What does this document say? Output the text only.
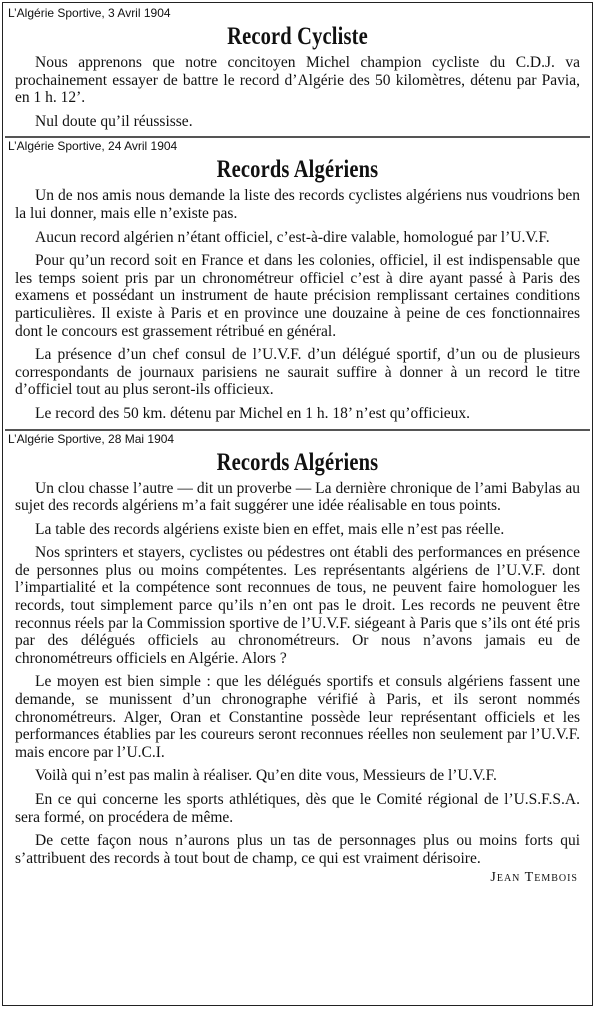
L’Algérie Sportive, 3 Avril 1904
Record Cycliste

Nous apprenons que notre concitoyen Michel champion cycliste du C.D.J. va prochainement essayer de battre le record d’Algérie des 50 kilomètres, détenu par Pavia, en 1 h. 12’.

Nul doute qu’il réussisse.

L’Algérie Sportive, 24 Avril 1904
Records Algériens

Un de nos amis nous demande la liste des records cyclistes algériens nus voudrions ben la lui donner, mais elle n’existe pas.

Aucun record algérien n’étant officiel, c’est-à-dire valable, homologué par l’U.V.F.

Pour qu’un record soit en France et dans les colonies, officiel, il est indispensable que les temps soient pris par un chronométreur officiel c’est à dire ayant passé à Paris des examens et possédant un instrument de haute précision remplissant certaines conditions particulières. Il existe à Paris et en province une douzaine à peine de ces fonctionnaires dont le concours est grassement rétribué en général.

La présence d’un chef consul de l’U.V.F. d’un délégué sportif, d’un ou de plusieurs correspondants de journaux parisiens ne saurait suffire à donner à un record le titre d’officiel tout au plus seront-ils officieux.

Le record des 50 km. détenu par Michel en 1 h. 18’ n’est qu’officieux.

L’Algérie Sportive, 28 Mai 1904
Records Algériens

Un clou chasse l’autre — dit un proverbe — La dernière chronique de l’ami Babylas au sujet des records algériens m’a fait suggérer une idée réalisable en tous points.

La table des records algériens existe bien en effet, mais elle n’est pas réelle.

Nos sprinters et stayers, cyclistes ou pédestres ont établi des performances en présence de personnes plus ou moins compétentes. Les représentants algériens de l’U.V.F. dont l’impartialité et la compétence sont reconnues de tous, ne peuvent faire homologuer les records, tout simplement parce qu’ils n’en ont pas le droit. Les records ne peuvent être reconnus réels par la Commission sportive de l’U.V.F. siégeant à Paris que s’ils ont été pris par des délégués officiels au chronométreurs. Or nous n’avons jamais eu de chronométreurs officiels en Algérie. Alors ?

Le moyen est bien simple : que les délégués sportifs et consuls algériens fassent une demande, se munissent d’un chronographe vérifié à Paris, et ils seront nommés chronométreurs. Alger, Oran et Constantine possède leur représentant officiels et les performances établies par les coureurs seront reconnues réelles non seulement par l’U.V.F. mais encore par l’U.C.I.

Voilà qui n’est pas malin à réaliser. Qu’en dite vous, Messieurs de l’U.V.F.

En ce qui concerne les sports athlétiques, dès que le Comité régional de l’U.S.F.S.A. sera formé, on procédera de même.

De cette façon nous n’aurons plus un tas de personnages plus ou moins forts qui s’attribuent des records à tout bout de champ, ce qui est vraiment dérisoire.

Jean Tembois
